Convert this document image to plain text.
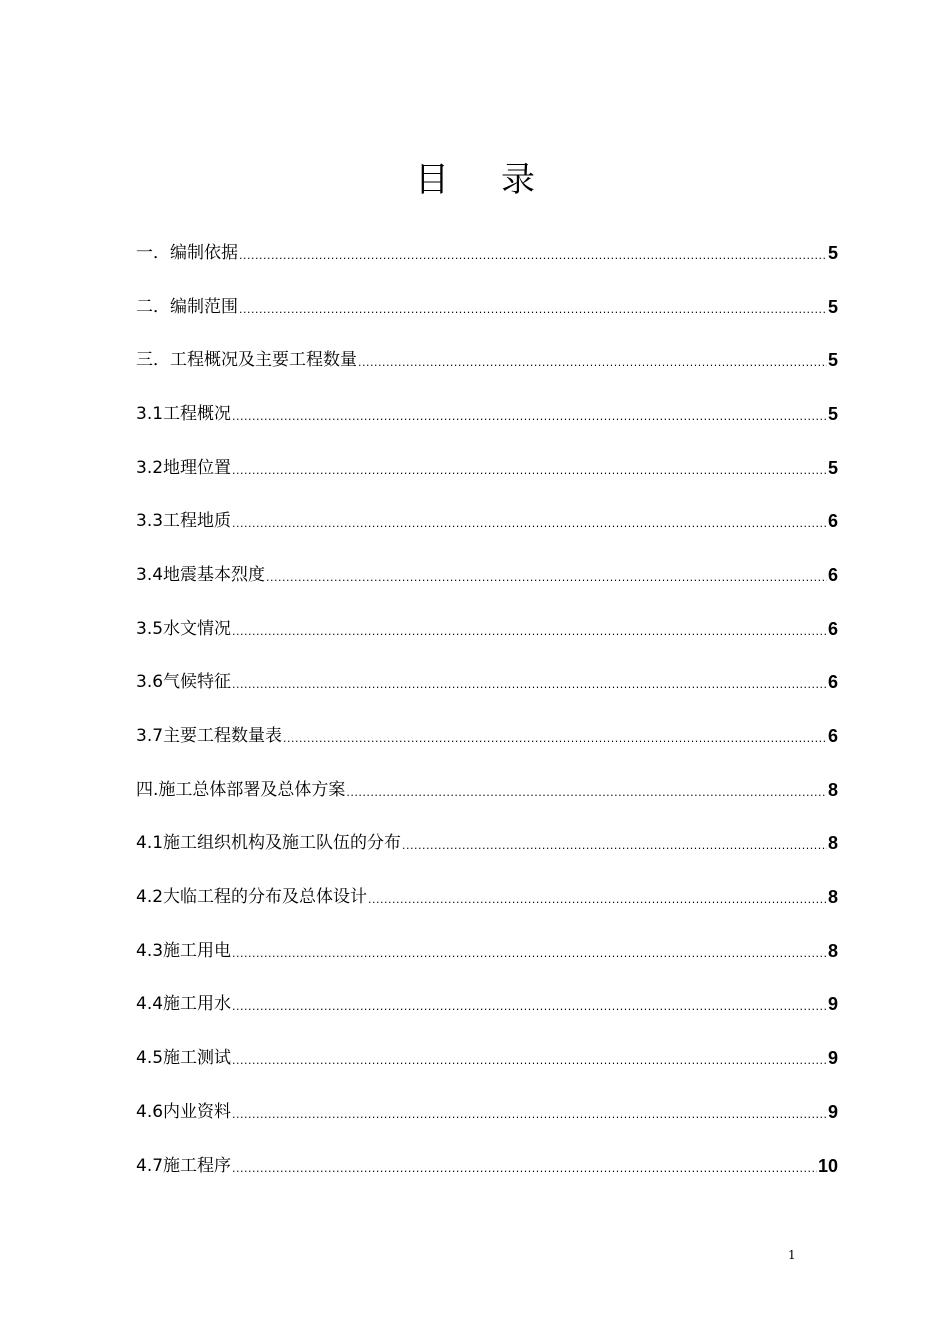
目 录
一．编制依据 .....	5
二．编制范围 .....	5
三．工程概况及主要工程数量 .....	5
3.1工程概况 .....	5
3.2地理位置 .....	5
3.3工程地质 .....	6
3.4地震基本烈度 .....	6
3.5水文情况 .....	6
3.6气候特征 .....	6
3.7主要工程数量表 .....	6
四.施工总体部署及总体方案 .....	8
4.1施工组织机构及施工队伍的分布 .....	8
4.2大临工程的分布及总体设计 .....	8
4.3施工用电 .....	8
4.4施工用水 .....	9
4.5施工测试 .....	9
4.6内业资料 .....	9
4.7施工程序 .....	10
1
